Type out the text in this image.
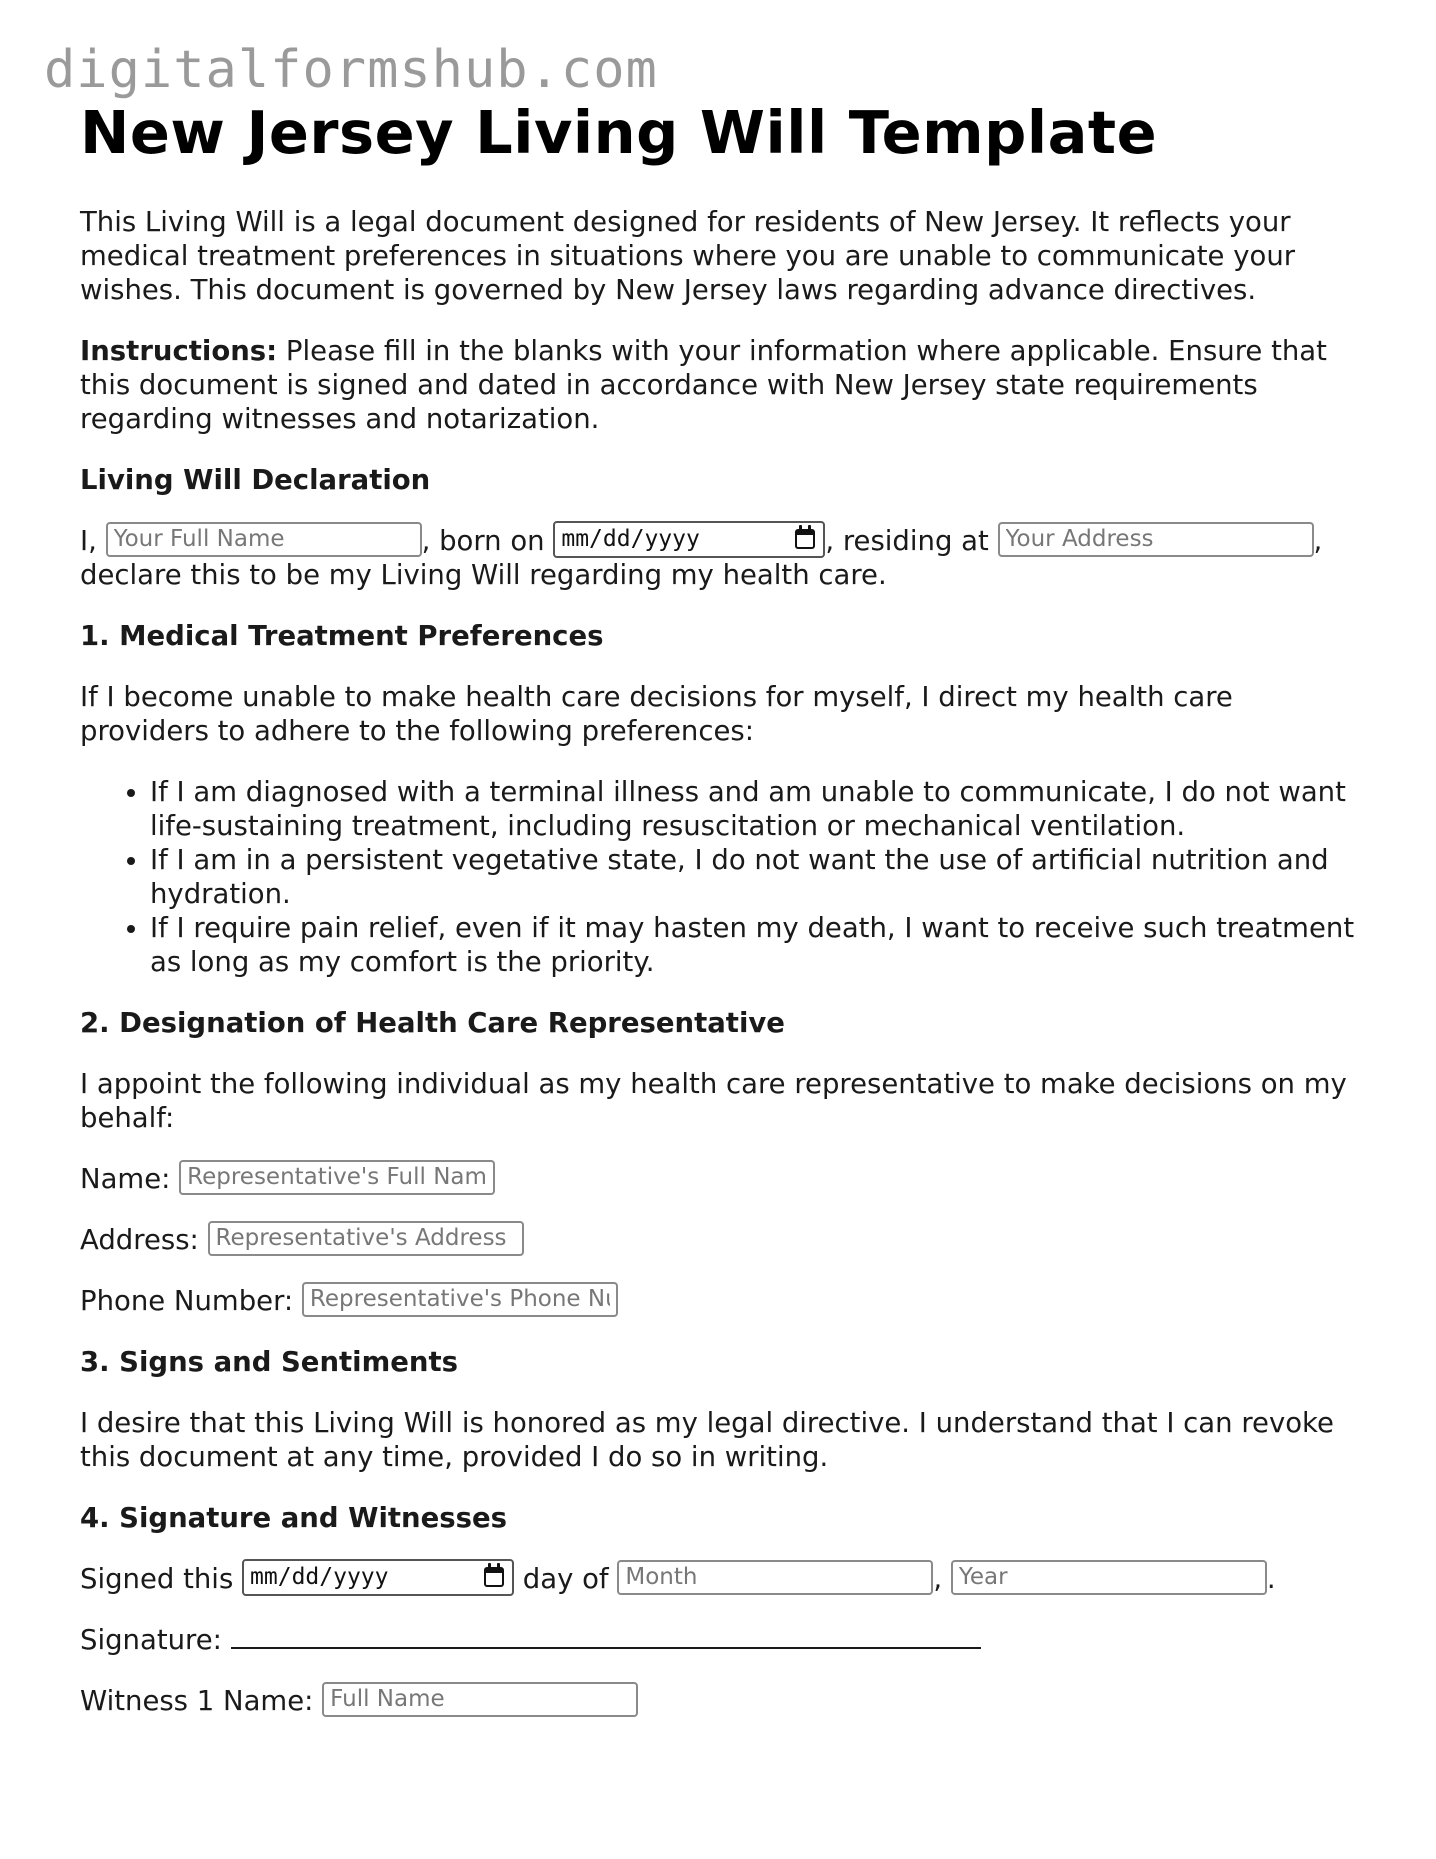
digitalformshub.com
New Jersey Living Will Template

This Living Will is a legal document designed for residents of New Jersey. It reflects your medical treatment preferences in situations where you are unable to communicate your wishes. This document is governed by New Jersey laws regarding advance directives.

Instructions: Please fill in the blanks with your information where applicable. Ensure that this document is signed and dated in accordance with New Jersey state requirements regarding witnesses and notarization.

Living Will Declaration

I, Your Full Name	, born on mm/dd/yyyy	, residing at Your Address	,
declare this to be my Living Will regarding my health care.

1. Medical Treatment Preferences

If I become unable to make health care decisions for myself, I direct my health care providers to adhere to the following preferences:

• If I am diagnosed with a terminal illness and am unable to communicate, I do not want life-sustaining treatment, including resuscitation or mechanical ventilation.
• If I am in a persistent vegetative state, I do not want the use of artificial nutrition and hydration.
• If I require pain relief, even if it may hasten my death, I want to receive such treatment as long as my comfort is the priority.
2. Designation of Health Care Representative

I appoint the following individual as my health care representative to make decisions on my behalf:

Name: Representative's Full Name

Address: Representative's Address

Phone Number: Representative's Phone Number

3. Signs and Sentiments

I desire that this Living Will is honored as my legal directive. I understand that I can revoke this document at any time, provided I do so in writing.

4. Signature and Witnesses

Signed this mm/dd/yyyy	day of Month	, Year	.

Signature:

Witness 1 Name: Full Name
